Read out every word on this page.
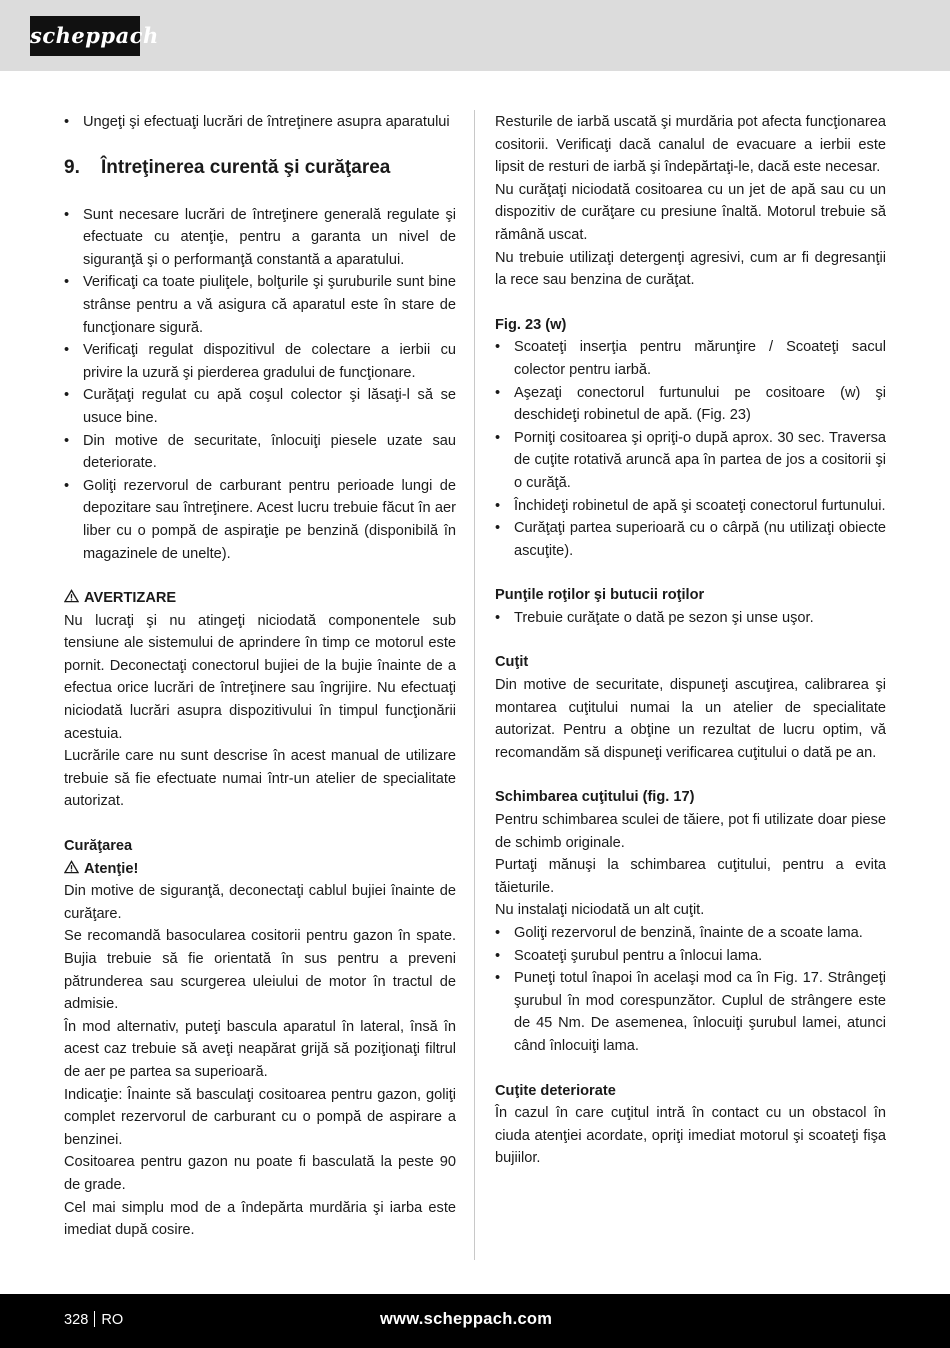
scheppach
• Ungeţi şi efectuaţi lucrări de întreţinere asupra aparatului
9.	Întreţinerea curentă şi curăţarea
• Sunt necesare lucrări de întreţinere generală regulate şi efectuate cu atenţie, pentru a garanta un nivel de siguranţă şi o performanţă constantă a aparatului.
• Verificaţi ca toate piuliţele, bolţurile şi şuruburile sunt bine strânse pentru a vă asigura că aparatul este în stare de funcţionare sigură.
• Verificaţi regulat dispozitivul de colectare a ierbii cu privire la uzură şi pierderea gradului de funcţionare.
• Curăţaţi regulat cu apă coşul colector şi lăsaţi-l să se usuce bine.
• Din motive de securitate, înlocuiţi piesele uzate sau deteriorate.
• Goliţi rezervorul de carburant pentru perioade lungi de depozitare sau întreţinere. Acest lucru trebuie făcut în aer liber cu o pompă de aspiraţie pe benzină (disponibilă în magazinele de unelte).
AVERTIZARE
Nu lucraţi şi nu atingeţi niciodată componentele sub tensiune ale sistemului de aprindere în timp ce motorul este pornit. Deconectaţi conectorul bujiei de la bujie înainte de a efectua orice lucrări de întreţinere sau îngrijire. Nu efectuaţi niciodată lucrări asupra dispozitivului în timpul funcţionării acestuia.
Lucrările care nu sunt descrise în acest manual de utilizare trebuie să fie efectuate numai într-un atelier de specialitate autorizat.
Curăţarea
Atenţie!
Din motive de siguranţă, deconectaţi cablul bujiei înainte de curăţare.
Se recomandă basocularea cositorii pentru gazon în spate. Bujia trebuie să fie orientată în sus pentru a preveni pătrunderea sau scurgerea uleiului de motor în tractul de admisie.
În mod alternativ, puteţi bascula aparatul în lateral, însă în acest caz trebuie să aveţi neapărat grijă să poziţionaţi filtrul de aer pe partea sa superioară.
Indicaţie: Înainte să basculaţi cositoarea pentru gazon, goliţi complet rezervorul de carburant cu o pompă de aspirare a benzinei.
Cositoarea pentru gazon nu poate fi basculată la peste 90 de grade.
Cel mai simplu mod de a îndepărta murdăria şi iarba este imediat după cosire.
Resturile de iarbă uscată şi murdăria pot afecta funcţionarea cositorii. Verificaţi dacă canalul de evacuare a ierbii este lipsit de resturi de iarbă şi îndepărtaţi-le, dacă este necesar.
Nu curăţaţi niciodată cositoarea cu un jet de apă sau cu un dispozitiv de curăţare cu presiune înaltă. Motorul trebuie să rămână uscat.
Nu trebuie utilizaţi detergenţi agresivi, cum ar fi degresanţii la rece sau benzina de curăţat.
Fig. 23 (w)
• Scoateţi inserţia pentru mărunţire / Scoateţi sacul colector pentru iarbă.
• Aşezaţi conectorul furtunului pe cositoare (w) şi deschideţi robinetul de apă. (Fig. 23)
• Porniţi cositoarea şi opriţi-o după aprox. 30 sec. Traversa de cuţite rotativă aruncă apa în partea de jos a cositorii şi o curăţă.
• Închideţi robinetul de apă şi scoateţi conectorul furtunului.
• Curăţaţi partea superioară cu o cârpă (nu utilizaţi obiecte ascuţite).
Punţile roţilor şi butucii roţilor
• Trebuie curăţate o dată pe sezon şi unse uşor.
Cuţit
Din motive de securitate, dispuneţi ascuţirea, calibrarea şi montarea cuţitului numai la un atelier de specialitate autorizat. Pentru a obţine un rezultat de lucru optim, vă recomandăm să dispuneţi verificarea cuţitului o dată pe an.
Schimbarea cuţitului (fig. 17)
Pentru schimbarea sculei de tăiere, pot fi utilizate doar piese de schimb originale.
Purtaţi mănuşi la schimbarea cuţitului, pentru a evita tăieturile.
Nu instalaţi niciodată un alt cuţit.
• Goliţi rezervorul de benzină, înainte de a scoate lama.
• Scoateţi şurubul pentru a înlocui lama.
• Puneţi totul înapoi în acelaşi mod ca în Fig. 17. Strângeţi şurubul în mod corespunzător. Cuplul de strângere este de 45 Nm. De asemenea, înlocuiţi şurubul lamei, atunci când înlocuiţi lama.
Cuţite deteriorate
În cazul în care cuţitul intră în contact cu un obstacol în ciuda atenţiei acordate, opriţi imediat motorul şi scoateţi fişa bujiilor.
328 RO	www.scheppach.com
